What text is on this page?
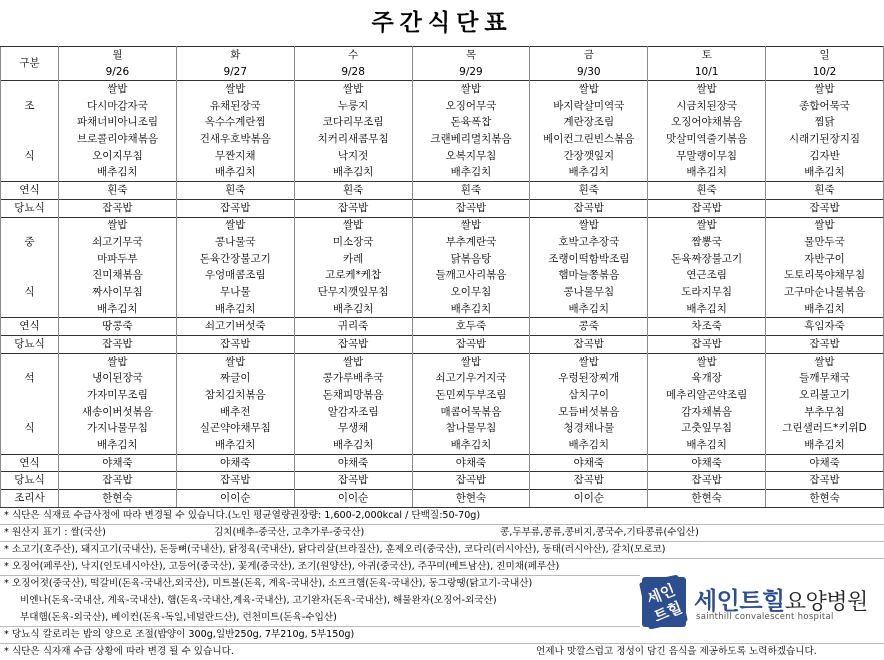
주간식단표
구분	월	화	수	목	금	토	일
	9/26	9/27	9/28	9/29	9/30	10/1	10/2
	쌀밥	쌀밥	쌀밥	쌀밥	쌀밥	쌀밥	쌀밥
조	다시마감자국	유채된장국	누룽지	오징어무국	바지락살미역국	시금치된장국	종합어묵국
	파채너비아니조림	옥수수계란찜	코다리무조림	돈육폭찹	계란장조림	오징어야채볶음	찜닭
	브로콜리야채볶음	건새우호박볶음	치커리새콤무침	크랜베리멸치볶음	베이컨그린빈스볶음	맛살미역줄기볶음	시래기된장지짐
식	오이지무침	무짠지채	낙지젓	오복지무침	간장깻잎지	무말랭이무침	김자반
	배추김치	배추김치	배추김치	배추김치	배추김치	배추김치	배추김치
연식	흰죽	흰죽	흰죽	흰죽	흰죽	흰죽	흰죽
당뇨식	잡곡밥	잡곡밥	잡곡밥	잡곡밥	잡곡밥	잡곡밥	잡곡밥
	쌀밥	쌀밥	쌀밥	쌀밥	쌀밥	쌀밥	쌀밥
중	쇠고기무국	콩나물국	미소장국	부추계란국	호박고추장국	짬뽕국	물만두국
	마파두부	돈육간장불고기	카레	닭볶음탕	조랭이떡함박조림	돈육짜장불고기	자반구이
	진미채볶음	우엉매콤조림	고로케*케찹	들깨고사리볶음	햄마늘쫑볶음	연근조림	도토리묵야채무침
식	짜사이무침	무나물	단무지깻잎무침	오이무침	콩나물무침	도라지무침	고구마순나물볶음
	배추김치	배추김치	배추김치	배추김치	배추김치	배추김치	배추김치
연식	땅콩죽	쇠고기버섯죽	귀리죽	호두죽	콩죽	차조죽	흑임자죽
당뇨식	잡곡밥	잡곡밥	잡곡밥	잡곡밥	잡곡밥	잡곡밥	잡곡밥
	쌀밥	쌀밥	쌀밥	쌀밥	쌀밥	쌀밥	쌀밥
석	냉이된장국	짜글이	콩가루배추국	쇠고기우거지국	우렁된장찌개	육개장	들깨무채국
	가자미무조림	참치김치볶음	돈채피망볶음	돈민찌두부조림	삼치구이	메추리알곤약조림	오리불고기
	새송이버섯볶음	배추전	알감자조림	매콤어묵볶음	모듬버섯볶음	감자채볶음	부추무침
식	가지나물무침	실곤약야채무침	무생채	참나물무침	청경채나물	고춧잎무침	그린샐러드*키위D
	배추김치	배추김치	배추김치	배추김치	배추김치	배추김치	배추김치
연식	야채죽	야채죽	야채죽	야채죽	야채죽	야채죽	야채죽
당뇨식	잡곡밥	잡곡밥	잡곡밥	잡곡밥	잡곡밥	잡곡밥	잡곡밥
조리사	한현숙	이이순	이이순	한현숙	이이순	한현숙	한현숙
* 식단은 식재료 수급사정에 따라 변경될 수 있습니다.(노인 평균열량권장량: 1,600-2,000kcal / 단백질:50-70g)
* 원산지 표기 : 쌀(국산)	김치(배추-중국산, 고추가루-중국산)	콩,두부류,콩류,콩비지,콩국수,기타콩류(수입산)
* 소고기(호주산), 돼지고기(국내산), 돈등뼈(국내산), 닭정육(국내산), 닭다리살(브라질산), 훈제오리(중국산), 코다리(러시아산), 동태(러시아산), 갈치(모로코)
* 오징어(페루산), 낙지(인도네시아산), 고등어(중국산), 꽃게(중국산), 조기(원양산), 아귀(중국산), 주꾸미(베트남산), 진미채(페루산)
* 오징어젓(중국산), 떡갈비(돈육-국내산,외국산), 미트볼(돈육, 계육-국내산), 소프크햄(돈육-국내산), 동그랑땡(닭고기-국내산)
비엔나(돈육-국내산, 계육-국내산), 햄(돈육-국내산,계육-국내산), 고기완자(돈육-국내산), 해물완자(오징어-외국산)
부대햄(돈육-외국산), 베이컨(돈육-독일,네덜란드산), 런천미트(돈육-수입산)
* 당뇨식 칼로리는 밥의 양으로 조절(밥양이 300g,일반250g, 7부210g, 5부150g)
* 식단은 식자재 수급 상황에 따라 변경 될 수 있습니다.	언제나 맛깔스럽고 정성이 담긴 음식을 제공하도록 노력하겠습니다.
세인
트힐 세인트힐요양병원
sainthill convalescent hospital
